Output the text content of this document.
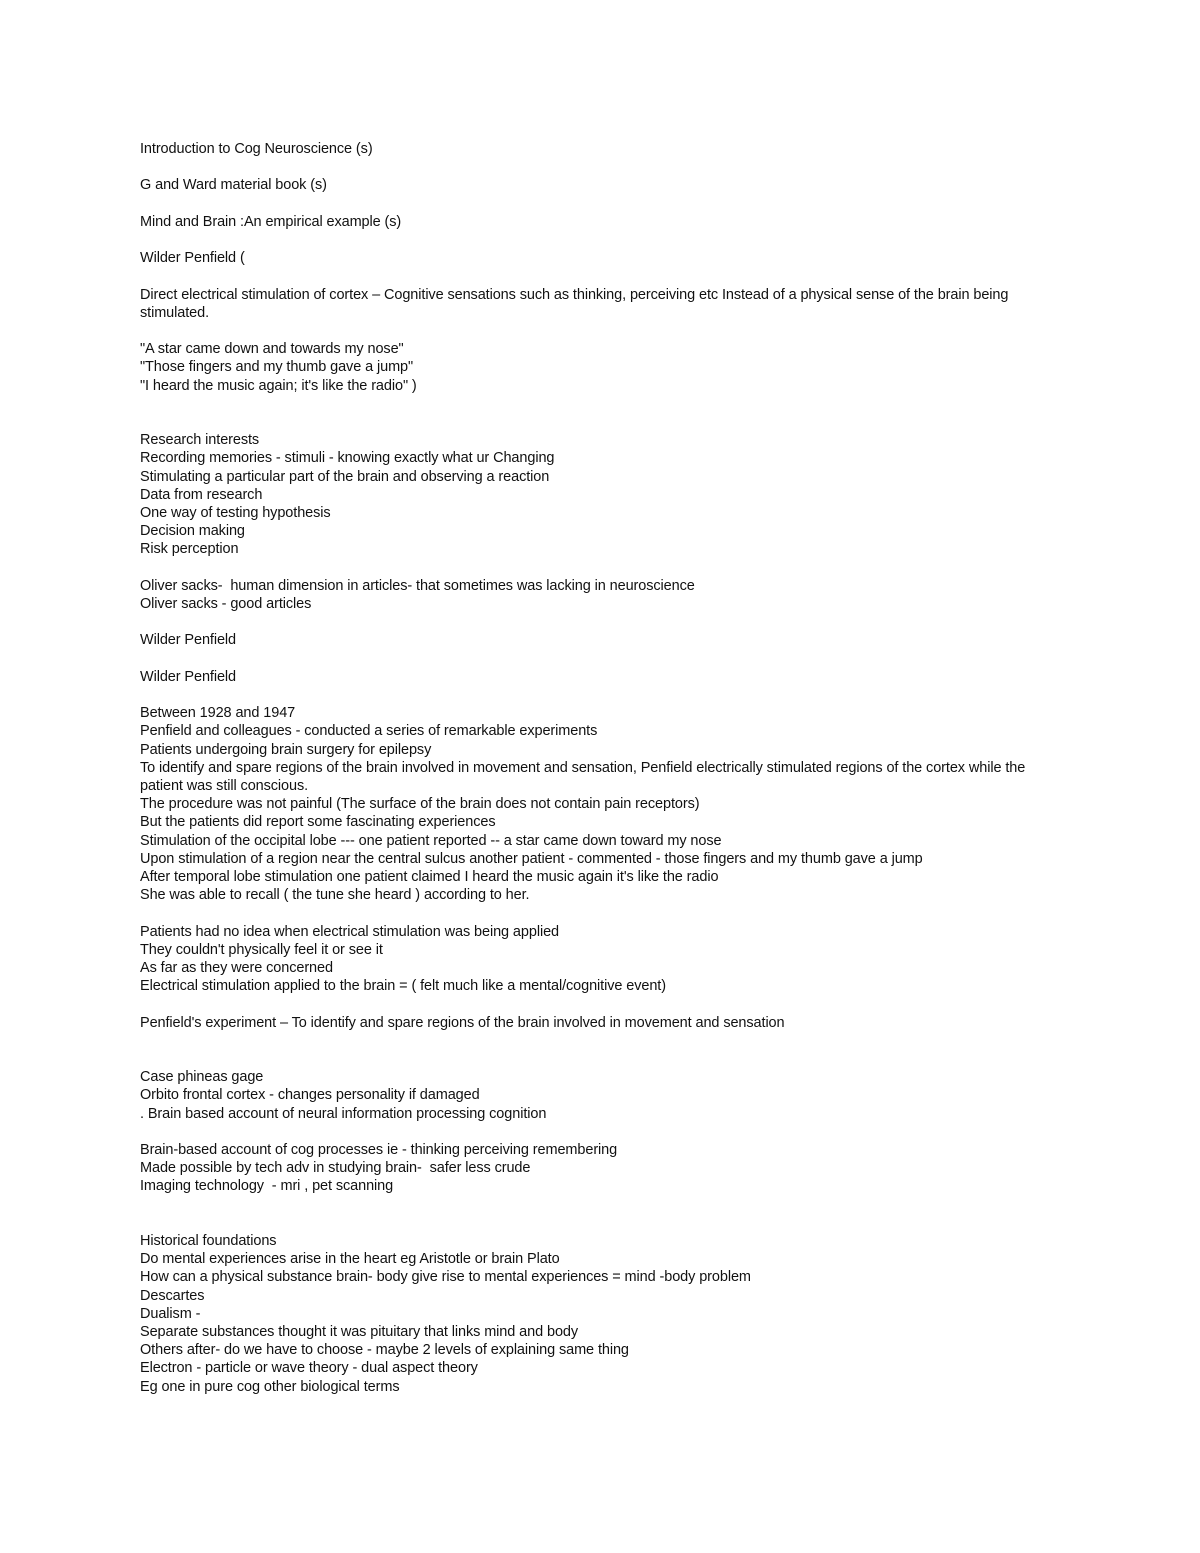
Introduction to Cog Neuroscience (s)
G and Ward material book (s)
Mind and Brain :An empirical example (s)
Wilder Penfield (
Direct electrical stimulation of cortex – Cognitive sensations such as thinking, perceiving etc Instead of a physical sense of the brain being stimulated.
"A star came down and towards my nose"
"Those fingers and my thumb gave a jump"
"I heard the music again; it's like the radio" )
Research interests
Recording memories - stimuli - knowing exactly what ur Changing
Stimulating a particular part of the brain and observing a reaction
Data from research
One way of testing hypothesis
Decision making
Risk perception
Oliver sacks-  human dimension in articles- that sometimes was lacking in neuroscience
Oliver sacks - good articles
Wilder Penfield
Wilder Penfield
Between 1928 and 1947
Penfield and colleagues - conducted a series of remarkable experiments
Patients undergoing brain surgery for epilepsy
To identify and spare regions of the brain involved in movement and sensation, Penfield electrically stimulated regions of the cortex while the patient was still conscious.
The procedure was not painful (The surface of the brain does not contain pain receptors)
But the patients did report some fascinating experiences
Stimulation of the occipital lobe --- one patient reported -- a star came down toward my nose
Upon stimulation of a region near the central sulcus another patient - commented - those fingers and my thumb gave a jump
After temporal lobe stimulation one patient claimed I heard the music again it's like the radio
She was able to recall ( the tune she heard ) according to her.
Patients had no idea when electrical stimulation was being applied
They couldn't physically feel it or see it
As far as they were concerned
Electrical stimulation applied to the brain = ( felt much like a mental/cognitive event)
Penfield's experiment – To identify and spare regions of the brain involved in movement and sensation
Case phineas gage
Orbito frontal cortex - changes personality if damaged
. Brain based account of neural information processing cognition
Brain-based account of cog processes ie - thinking perceiving remembering
Made possible by tech adv in studying brain-  safer less crude
Imaging technology  - mri , pet scanning
Historical foundations
Do mental experiences arise in the heart eg Aristotle or brain Plato
How can a physical substance brain- body give rise to mental experiences = mind -body problem
Descartes
Dualism -
Separate substances thought it was pituitary that links mind and body
Others after- do we have to choose - maybe 2 levels of explaining same thing
Electron - particle or wave theory - dual aspect theory
Eg one in pure cog other biological terms
